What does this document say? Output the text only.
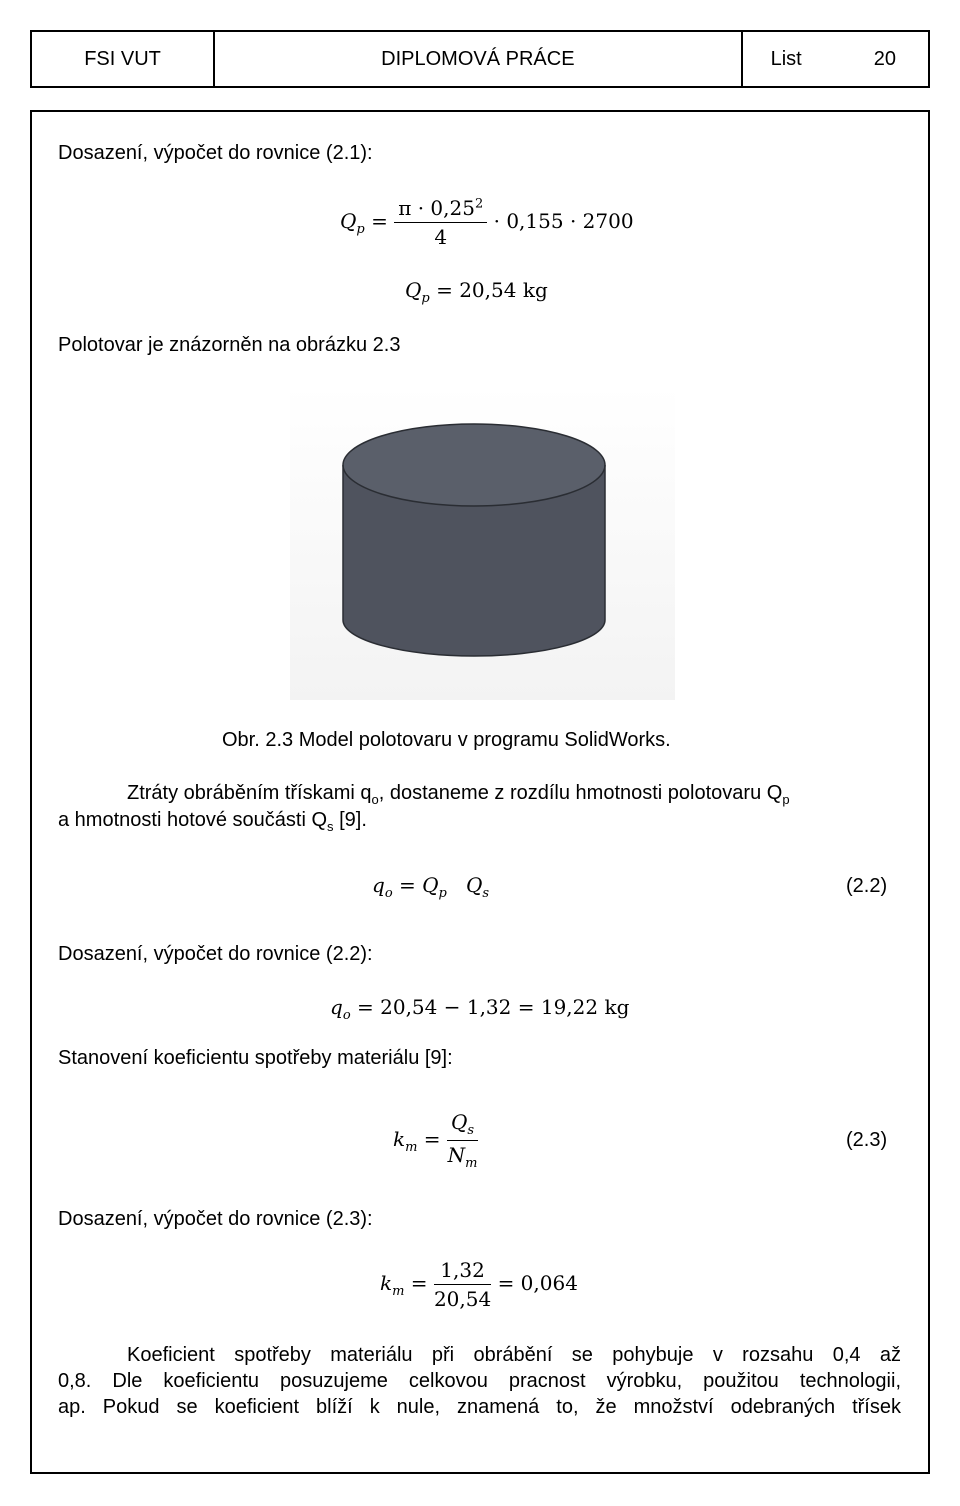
FSI VUT	DIPLOMOVÁ PRÁCE	List	20
Dosazení, výpočet do rovnice (2.1):
$Q_p = \frac{\pi \cdot 0,25^2}{4} \cdot 0,155 \cdot 2700$
$Q_p = 20,54$ kg
Polotovar je znázorněn na obrázku 2.3
Obr. 2.3 Model polotovaru v programu SolidWorks.
Ztráty obráběním třískami $q_o$, dostaneme z rozdílu hmotnosti polotovaru $Q_p$
a hmotnosti hotové součásti $Q_s$ [9].
$q_o = Q_p$ $Q_s$	(2.2)
Dosazení, výpočet do rovnice (2.2):
$q_o = 20,54 - 1,32 = 19,22$ kg
Stanovení koeficientu spotřeby materiálu [9]:
$k_m = \frac{Q_s}{N_m}$	(2.3)
Dosazení, výpočet do rovnice (2.3):
$k_m = \frac{1,32}{20,54} = 0,064$
Koeficient spotřeby materiálu při obrábění se pohybuje v rozsahu 0,4 až
0,8. Dle koeficientu posuzujeme celkovou pracnost výrobku, použitou technologii,
ap. Pokud se koeficient blíží k nule, znamená to, že množství odebraných třísek
